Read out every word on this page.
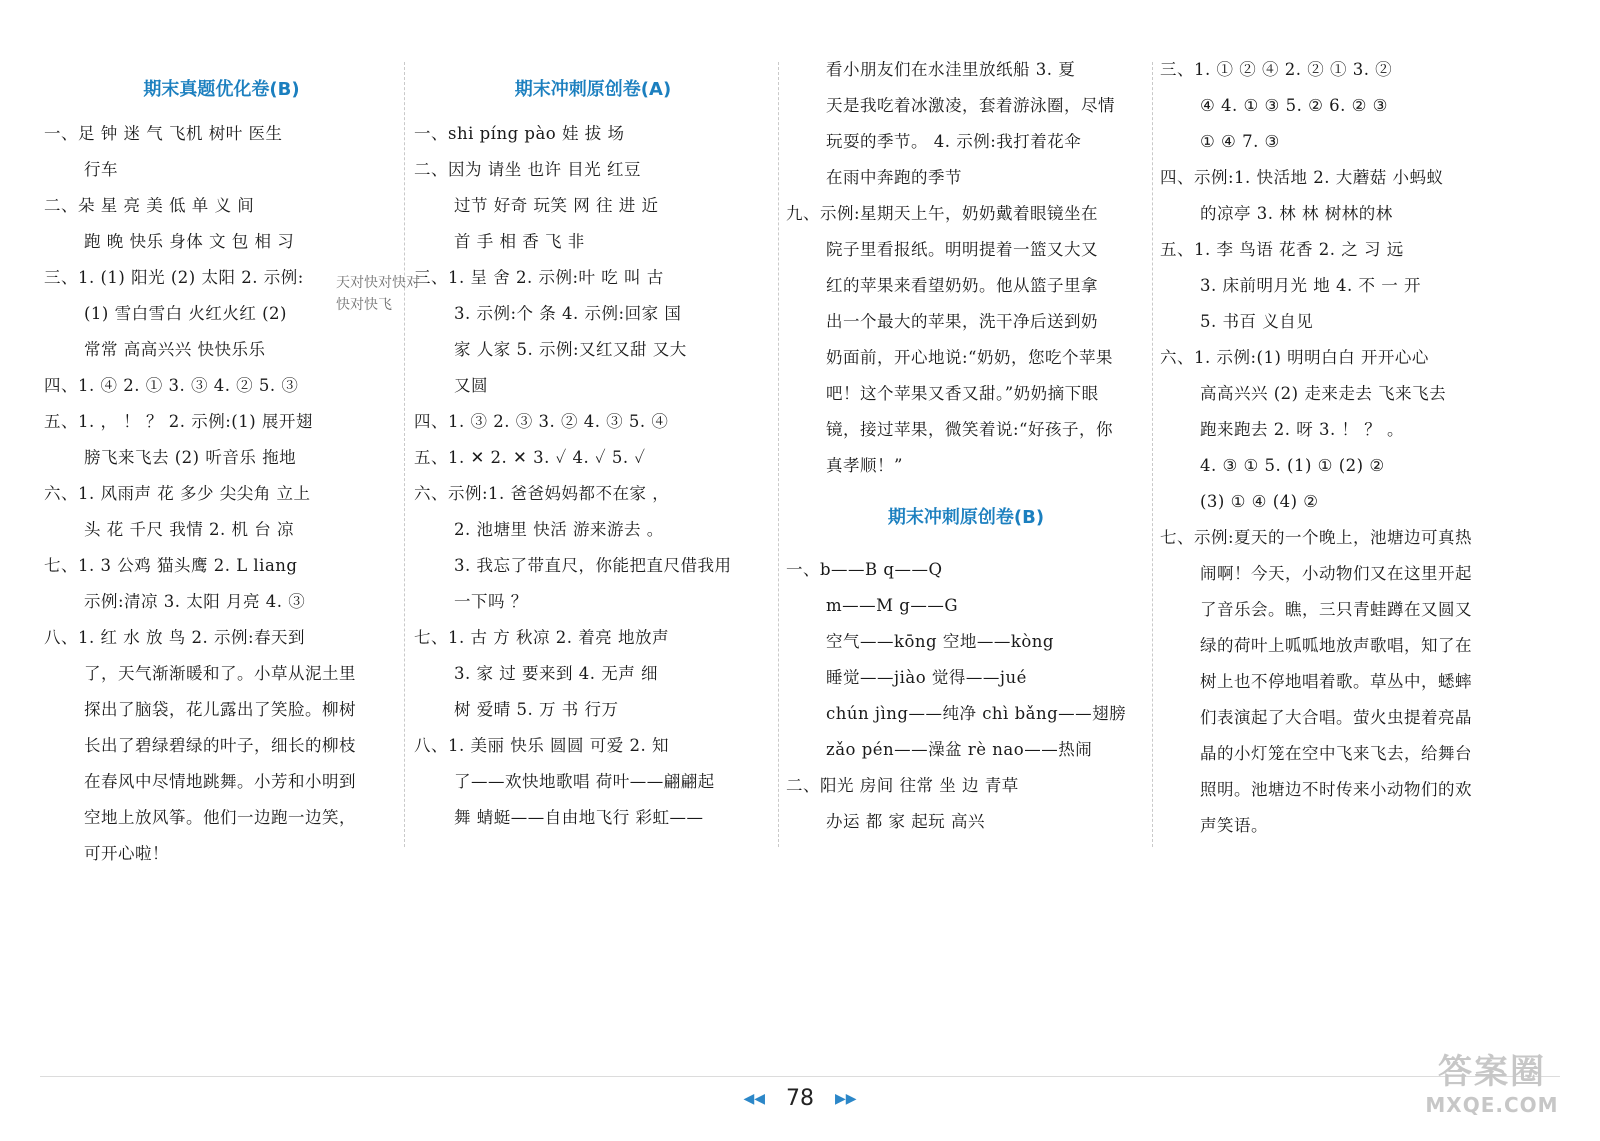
期末真题优化卷(B)
一、足 钟 迷 气 飞机 树叶 医生
行车
二、朵 星 亮 美 低 单 义 间
跑 晚 快乐 身体 文 包 相 习
三、1. (1) 阳光 (2) 太阳 2. 示例:
(1) 雪白雪白 火红火红 (2)
常常 高高兴兴 快快乐乐
四、1. ④ 2. ① 3. ③ 4. ② 5. ③
五、1. ， ！ ？ 2. 示例:(1) 展开翅
膀飞来飞去 (2) 听音乐 拖地
六、1. 风雨声 花 多少 尖尖角 立上
头 花 千尺 我情 2. 机 台 凉
七、1. 3 公鸡 猫头鹰 2. L liang
示例:清凉 3. 太阳 月亮 4. ③
八、1. 红 水 放 鸟 2. 示例:春天到
了，天气渐渐暖和了。小草从泥土里
探出了脑袋，花儿露出了笑脸。柳树
长出了碧绿碧绿的叶子，细长的柳枝
在春风中尽情地跳舞。小芳和小明到
空地上放风筝。他们一边跑一边笑，
可开心啦！
期末冲刺原创卷(A)
一、shi píng pào 娃 拔 场
二、因为 请坐 也许 目光 红豆
过节 好奇 玩笑 网 往 进 近
首 手 相 香 飞 非
三、1. 呈 舍 2. 示例:叶 吃 叫 古
3. 示例:个 条 4. 示例:回家 国
家 人家 5. 示例:又红又甜 又大
又圆
四、1. ③ 2. ③ 3. ② 4. ③ 5. ④
五、1. ✕ 2. ✕ 3. ✓ 4. ✓ 5. ✓
六、示例:1. 爸爸妈妈都不在家 ，
2. 池塘里 快活 游来游去 。
3. 我忘了带直尺，你能把直尺借我用
一下吗 ？
七、1. 古 方 秋凉 2. 着亮 地放声
3. 家 过 要来到 4. 无声 细
树 爱晴 5. 万 书 行万
八、1. 美丽 快乐 圆圆 可爱 2. 知
了——欢快地歌唱 荷叶——翩翩起
舞 蜻蜓——自由地飞行 彩虹——
看小朋友们在水洼里放纸船 3. 夏
天是我吃着冰激凌，套着游泳圈，尽情
玩耍的季节。 4. 示例:我打着花伞
在雨中奔跑的季节
九、示例:星期天上午，奶奶戴着眼镜坐在
院子里看报纸。明明提着一篮又大又
红的苹果来看望奶奶。他从篮子里拿
出一个最大的苹果，洗干净后送到奶
奶面前，开心地说:“奶奶，您吃个苹果
吧！这个苹果又香又甜。”奶奶摘下眼
镜，接过苹果，微笑着说:“好孩子，你
真孝顺！”
期末冲刺原创卷(B)
一、b——B q——Q
m——M g——G
空气——kōng 空地——kòng
睡觉——jiào 觉得——jué
chún jìng——纯净 chì bǎng——翅膀
zǎo pén——澡盆 rè nao——热闹
二、阳光 房间 往常 坐 边 青草
办运 都 家 起玩 高兴
三、1. ① ② ④ 2. ② ① 3. ②
④ 4. ① ③ 5. ② 6. ② ③
① ④ 7. ③
四、示例:1. 快活地 2. 大蘑菇 小蚂蚁
的凉亭 3. 林 林 树林的林
五、1. 李 鸟语 花香 2. 之 习 远
3. 床前明月光 地 4. 不 一 开
5. 书百 义自见
六、1. 示例:(1) 明明白白 开开心心
高高兴兴 (2) 走来走去 飞来飞去
跑来跑去 2. 呀 3. ！ ？ 。
4. ③ ① 5. (1) ① (2) ②
(3) ① ④ (4) ②
七、示例:夏天的一个晚上，池塘边可真热
闹啊！今天，小动物们又在这里开起
了音乐会。瞧，三只青蛙蹲在又圆又
绿的荷叶上呱呱地放声歌唱，知了在
树上也不停地唱着歌。草丛中，蟋蟀
们表演起了大合唱。萤火虫提着亮晶
晶的小灯笼在空中飞来飞去，给舞台
照明。池塘边不时传来小动物们的欢
声笑语。
天对快对快对
快对快飞
◀◀ 78 ▶▶
答案圈
MXQE.COM
